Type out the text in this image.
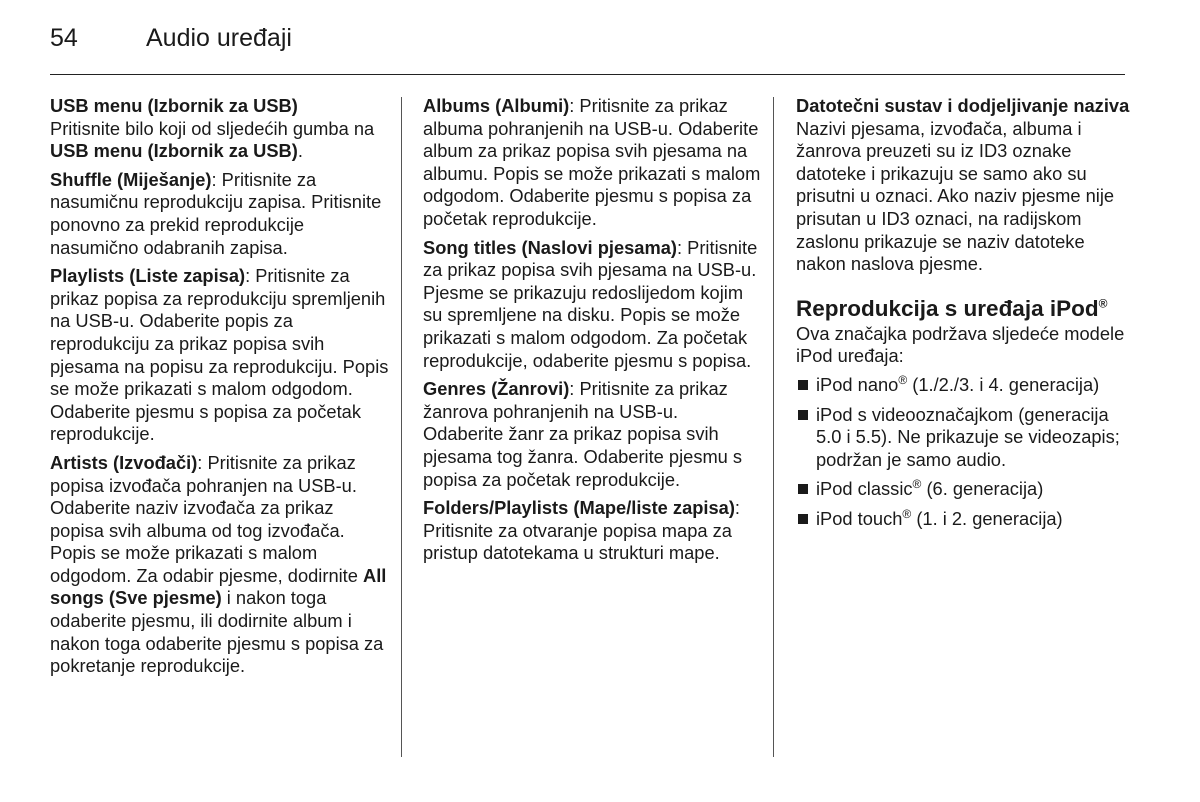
54	Audio uređaji

USB menu (Izbornik za USB)
Pritisnite bilo koji od sljedećih gumba na USB menu (Izbornik za USB).

Shuffle (Miješanje): Pritisnite za nasumičnu reprodukciju zapisa. Pritisnite ponovno za prekid reprodukcije nasumično odabranih zapisa.

Playlists (Liste zapisa): Pritisnite za prikaz popisa za reprodukciju spremljenih na USB-u. Odaberite popis za reprodukciju za prikaz popisa svih pjesama na popisu za reprodukciju. Popis se može prikazati s malom odgodom. Odaberite pjesmu s popisa za početak reprodukcije.

Artists (Izvođači): Pritisnite za prikaz popisa izvođača pohranjen na USB-u. Odaberite naziv izvođača za prikaz popisa svih albuma od tog izvođača. Popis se može prikazati s malom odgodom. Za odabir pjesme, dodirnite All songs (Sve pjesme) i nakon toga odaberite pjesmu, ili dodirnite album i nakon toga odaberite pjesmu s popisa za pokretanje reprodukcije.

Albums (Albumi): Pritisnite za prikaz albuma pohranjenih na USB-u. Odaberite album za prikaz popisa svih pjesama na albumu. Popis se može prikazati s malom odgodom. Odaberite pjesmu s popisa za početak reprodukcije.

Song titles (Naslovi pjesama): Pritisnite za prikaz popisa svih pjesama na USB-u. Pjesme se prikazuju redoslijedom kojim su spremljene na disku. Popis se može prikazati s malom odgodom. Za početak reprodukcije, odaberite pjesmu s popisa.

Genres (Žanrovi): Pritisnite za prikaz žanrova pohranjenih na USB-u. Odaberite žanr za prikaz popisa svih pjesama tog žanra. Odaberite pjesmu s popisa za početak reprodukcije.

Folders/Playlists (Mape/liste zapisa): Pritisnite za otvaranje popisa mapa za pristup datotekama u strukturi mape.

Datotečni sustav i dodjeljivanje naziva

Nazivi pjesama, izvođača, albuma i žanrova preuzeti su iz ID3 oznake datoteke i prikazuju se samo ako su prisutni u oznaci. Ako naziv pjesme nije prisutan u ID3 oznaci, na radijskom zaslonu prikazuje se naziv datoteke nakon naslova pjesme.

Reprodukcija s uređaja iPod®

Ova značajka podržava sljedeće modele iPod uređaja:

iPod nano® (1./2./3. i 4. generacija)
iPod s videooznačajkom (generacija 5.0 i 5.5). Ne prikazuje se videozapis; podržan je samo audio.
iPod classic® (6. generacija)
iPod touch® (1. i 2. generacija)
